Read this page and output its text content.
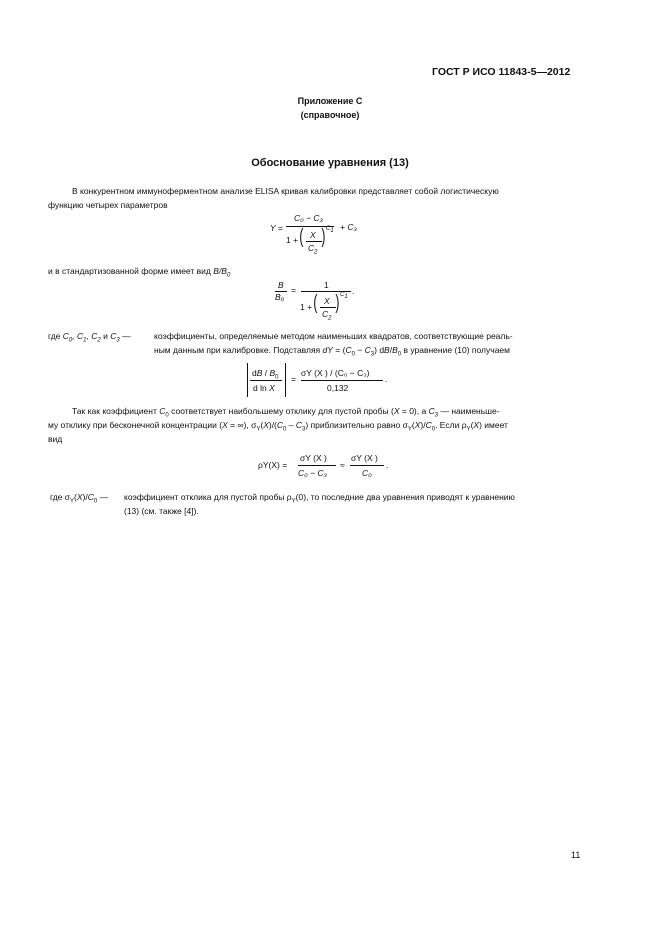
ГОСТ Р ИСО 11843-5—2012
Приложение С
(справочное)
Обоснование уравнения (13)
В конкурентном иммуноферментном анализе ELISA кривая калибровки представляет собой логистическую
функцию четырех параметров
Y =
C₀ − C₃
1 + ( X
$C_2$
) $C_1 + C_3$
и в стандартизованной форме имеет вид $B/B_0$
B
B₀
=	1
1 + ( X
$C_2$
) $C_1$
.
где $C_0$, $C_1$, $C_2$ и $C_3$ —	коэффициенты, определяемые методом наименьших квадратов, соответствующие реаль-
ным данным при калибровке. Подставляя dY = $(C_0 - C_3)$ $dB/B_0$ в уравнение (10) получаем
dB / $B_0$
d ln X
=
σY (X ) / (C₀ − C₃)
0,132
.
Так как коэффициент $C_0$ соответствует наибольшему отклику для пустой пробы (X = 0), а $C_3$ — наименьше-
му отклику при бесконечной концентрации (X = ∞), $\sigma_Y(X)/(C_0 - C_3)$ приблизительно равно $\sigma_Y(X)/C_0$. Если $\rho_Y(X)$ имеет
вид
ρY(X) =
σY (X )
C₀ − C₃
≈
σY (X )
C₀
.
где $\sigma_Y(X)/C_0$ — коэффициент отклика для пустой пробы $\rho_Y(0)$, то последние два уравнения приводят к уравнению
(13) (см. также [4]).
11
